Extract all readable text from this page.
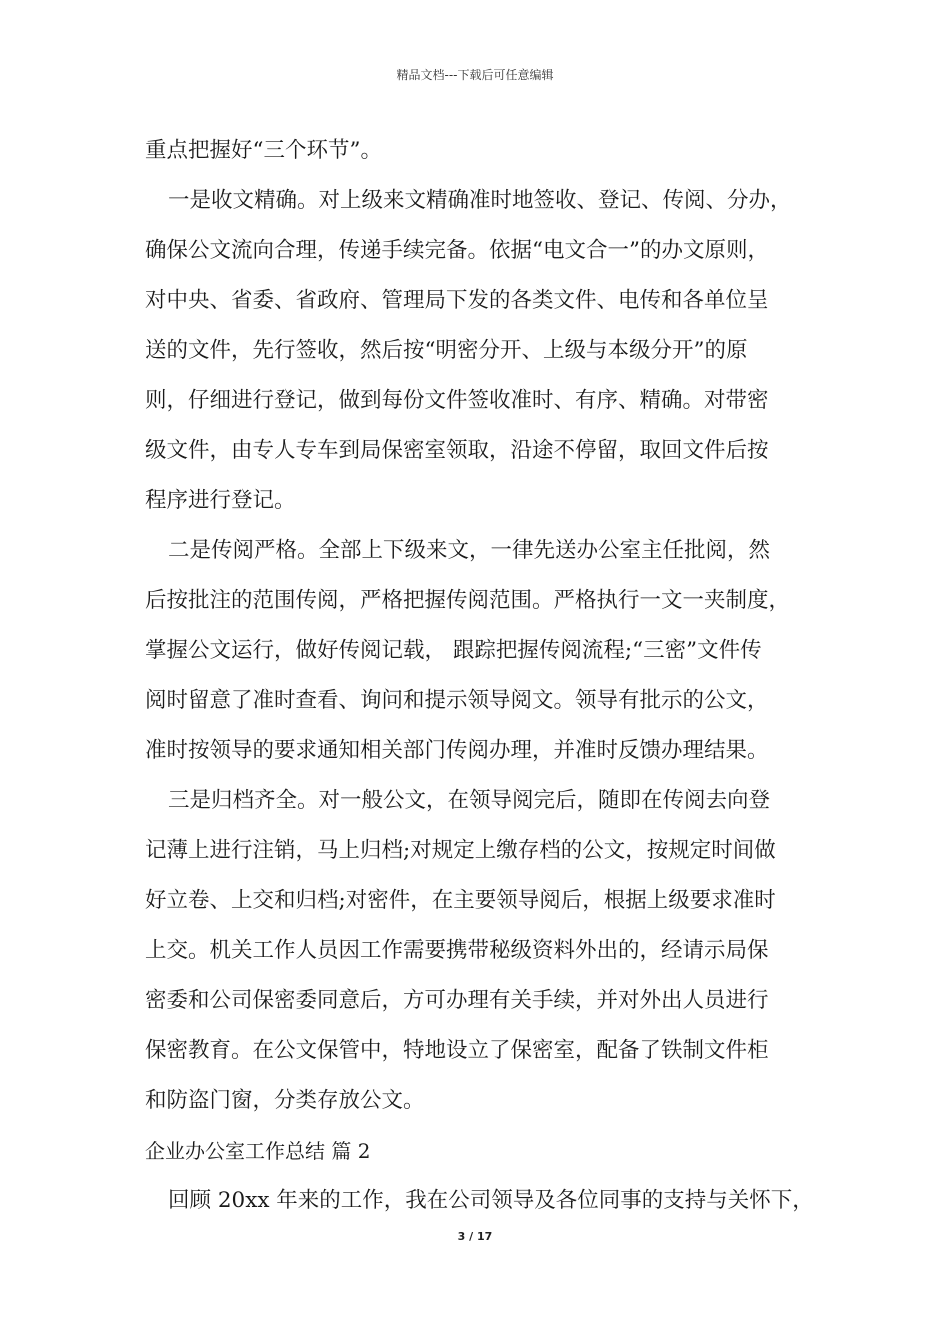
精品文档---下载后可任意编辑
重点把握好“三个环节”。
一是收文精确。对上级来文精确准时地签收、登记、传阅、分办，
确保公文流向合理，传递手续完备。依据“电文合一”的办文原则，
对中央、省委、省政府、管理局下发的各类文件、电传和各单位呈
送的文件，先行签收，然后按“明密分开、上级与本级分开”的原
则，仔细进行登记，做到每份文件签收准时、有序、精确。对带密
级文件，由专人专车到局保密室领取，沿途不停留，取回文件后按
程序进行登记。
二是传阅严格。全部上下级来文，一律先送办公室主任批阅，然
后按批注的范围传阅，严格把握传阅范围。严格执行一文一夹制度，
掌握公文运行，做好传阅记载， 跟踪把握传阅流程;“三密”文件传
阅时留意了准时查看、询问和提示领导阅文。领导有批示的公文，
准时按领导的要求通知相关部门传阅办理，并准时反馈办理结果。
三是归档齐全。对一般公文，在领导阅完后，随即在传阅去向登
记薄上进行注销，马上归档;对规定上缴存档的公文，按规定时间做
好立卷、上交和归档;对密件，在主要领导阅后，根据上级要求准时
上交。机关工作人员因工作需要携带秘级资料外出的，经请示局保
密委和公司保密委同意后，方可办理有关手续，并对外出人员进行
保密教育。在公文保管中，特地设立了保密室，配备了铁制文件柜
和防盗门窗，分类存放公文。
企业办公室工作总结 篇 2
回顾 20xx 年来的工作，我在公司领导及各位同事的支持与关怀下，
3 / 17
